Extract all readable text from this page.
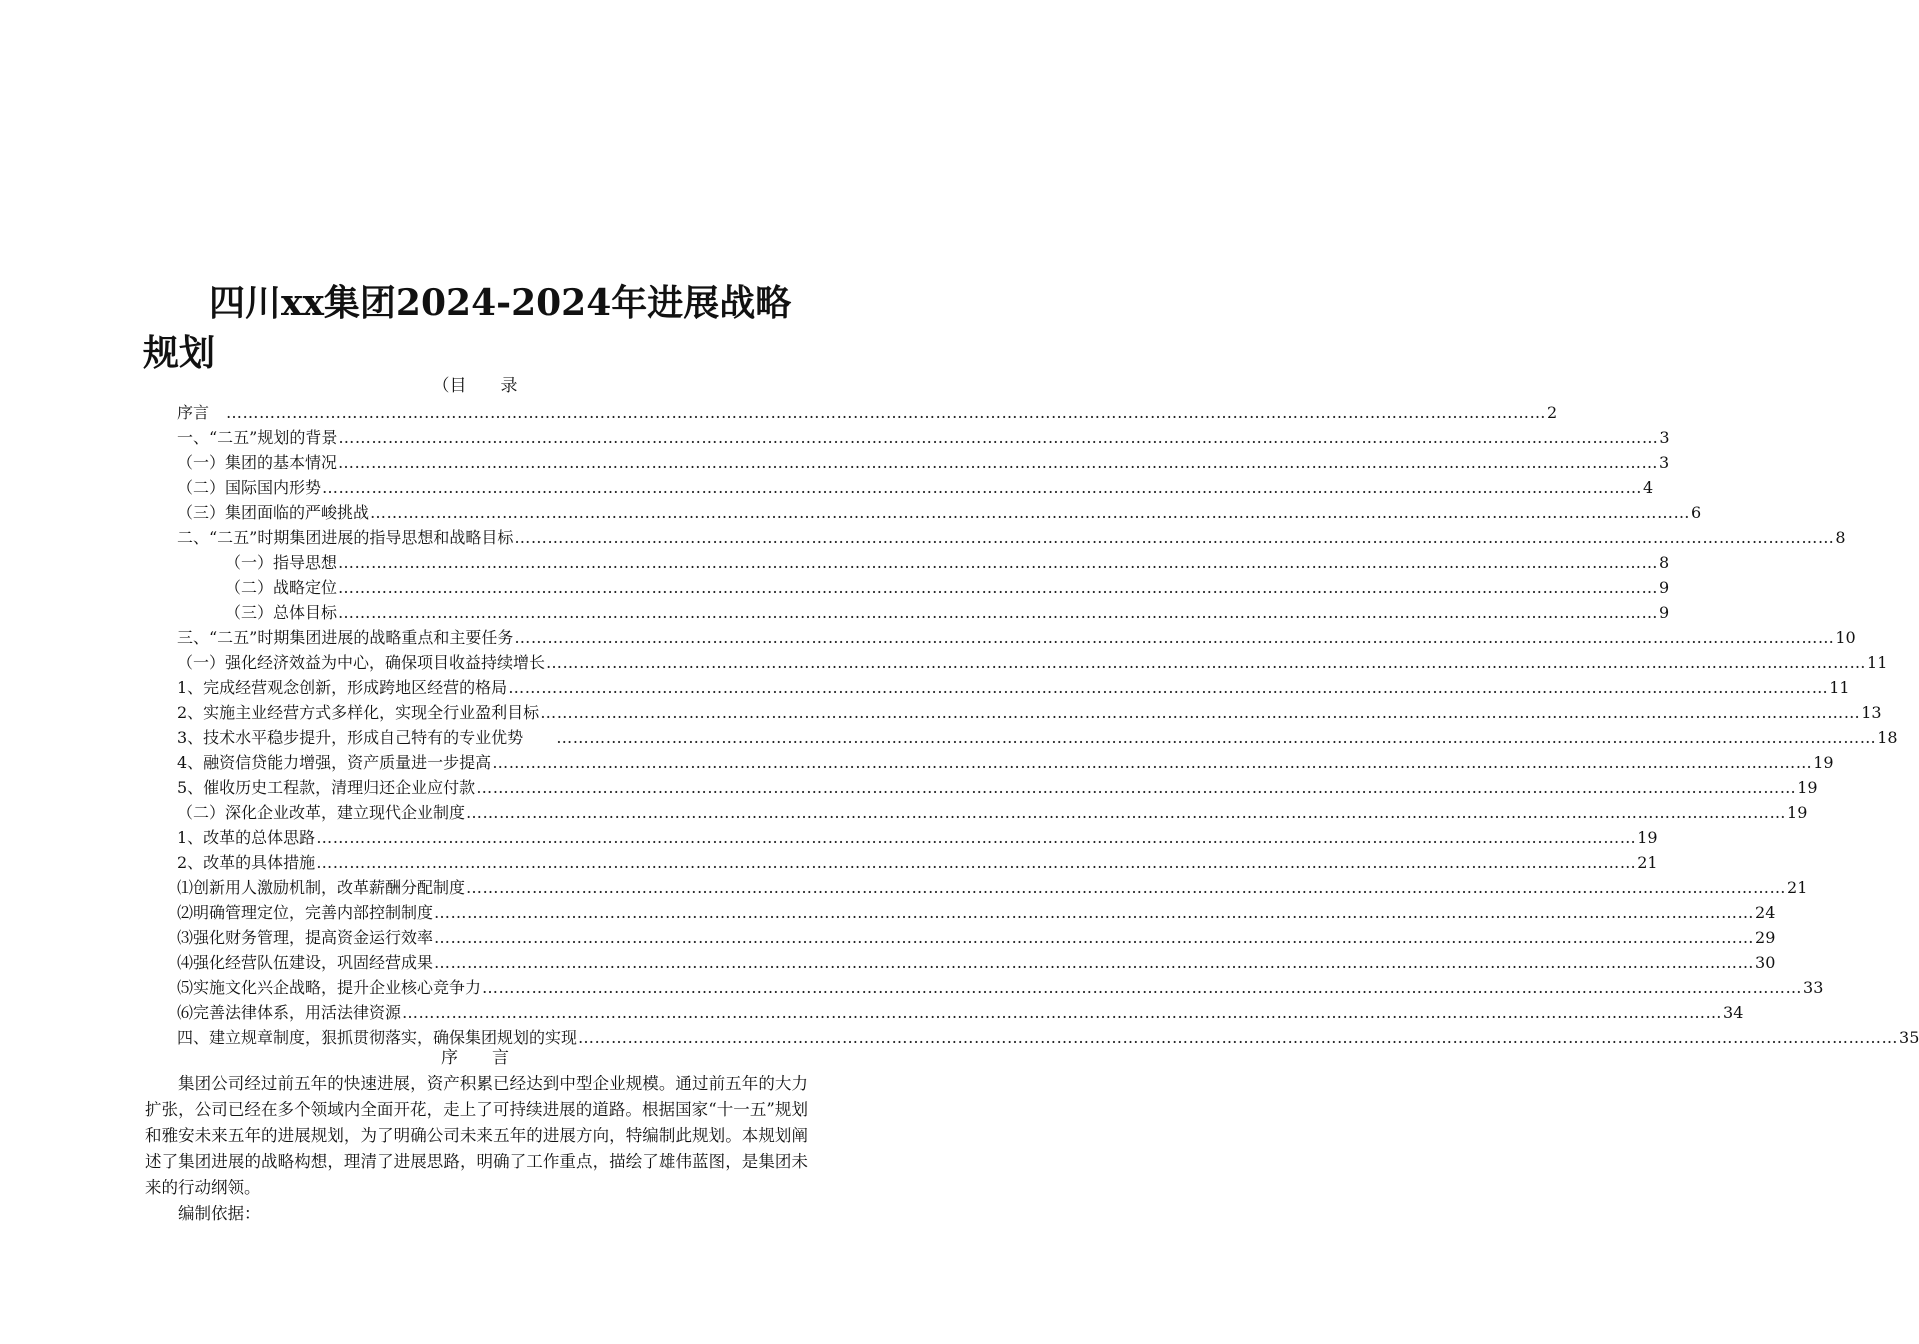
四川xx集团2024-2024年进展战略规划
（目　　录
序言　 …………………………………………………………………………………………………………………………………………………………………………………………………………………… 2
一、“二五”规划的背景 …………………………………………………………………………………………………………………………………………………………………………………………………………………… 3
（一）集团的基本情况 …………………………………………………………………………………………………………………………………………………………………………………………………………………… 3
（二）国际国内形势 …………………………………………………………………………………………………………………………………………………………………………………………………………………… 4
（三）集团面临的严峻挑战 …………………………………………………………………………………………………………………………………………………………………………………………………………………… 6
二、“二五”时期集团进展的指导思想和战略目标 …………………………………………………………………………………………………………………………………………………………………………………………………………………… 8
（一）指导思想 …………………………………………………………………………………………………………………………………………………………………………………………………………………… 8
（二）战略定位 …………………………………………………………………………………………………………………………………………………………………………………………………………………… 9
（三）总体目标 …………………………………………………………………………………………………………………………………………………………………………………………………………………… 9
三、“二五”时期集团进展的战略重点和主要任务 …………………………………………………………………………………………………………………………………………………………………………………………………………………… 10
（一）强化经济效益为中心，确保项目收益持续增长 …………………………………………………………………………………………………………………………………………………………………………………………………………………… 11
1、完成经营观念创新，形成跨地区经营的格局 …………………………………………………………………………………………………………………………………………………………………………………………………………………… 11
2、实施主业经营方式多样化，实现全行业盈利目标 …………………………………………………………………………………………………………………………………………………………………………………………………………………… 13
3、技术水平稳步提升，形成自己特有的专业优势　　 …………………………………………………………………………………………………………………………………………………………………………………………………………………… 18
4、融资信贷能力增强，资产质量进一步提高 …………………………………………………………………………………………………………………………………………………………………………………………………………………… 19
5、催收历史工程款，清理归还企业应付款 …………………………………………………………………………………………………………………………………………………………………………………………………………………… 19
（二）深化企业改革，建立现代企业制度 …………………………………………………………………………………………………………………………………………………………………………………………………………………… 19
1、改革的总体思路 …………………………………………………………………………………………………………………………………………………………………………………………………………………… 19
2、改革的具体措施 …………………………………………………………………………………………………………………………………………………………………………………………………………………… 21
⑴创新用人激励机制，改革薪酬分配制度 …………………………………………………………………………………………………………………………………………………………………………………………………………………… 21
⑵明确管理定位，完善内部控制制度 …………………………………………………………………………………………………………………………………………………………………………………………………………………… 24
⑶强化财务管理，提高资金运行效率 …………………………………………………………………………………………………………………………………………………………………………………………………………………… 29
⑷强化经营队伍建设，巩固经营成果 …………………………………………………………………………………………………………………………………………………………………………………………………………………… 30
⑸实施文化兴企战略，提升企业核心竞争力 …………………………………………………………………………………………………………………………………………………………………………………………………………………… 33
⑹完善法律体系，用活法律资源 …………………………………………………………………………………………………………………………………………………………………………………………………………………… 34
四、建立规章制度，狠抓贯彻落实，确保集团规划的实现 …………………………………………………………………………………………………………………………………………………………………………………………………………………… 35
序　　言

集团公司经过前五年的快速进展，资产积累已经达到中型企业规模。通过前五年的大力扩张，公司已经在多个领域内全面开花，走上了可持续进展的道路。根据国家“十一五”规划和雅安未来五年的进展规划，为了明确公司未来五年的进展方向，特编制此规划。本规划阐述了集团进展的战略构想，理清了进展思路，明确了工作重点，描绘了雄伟蓝图，是集团未来的行动纲领。

编制依据：
